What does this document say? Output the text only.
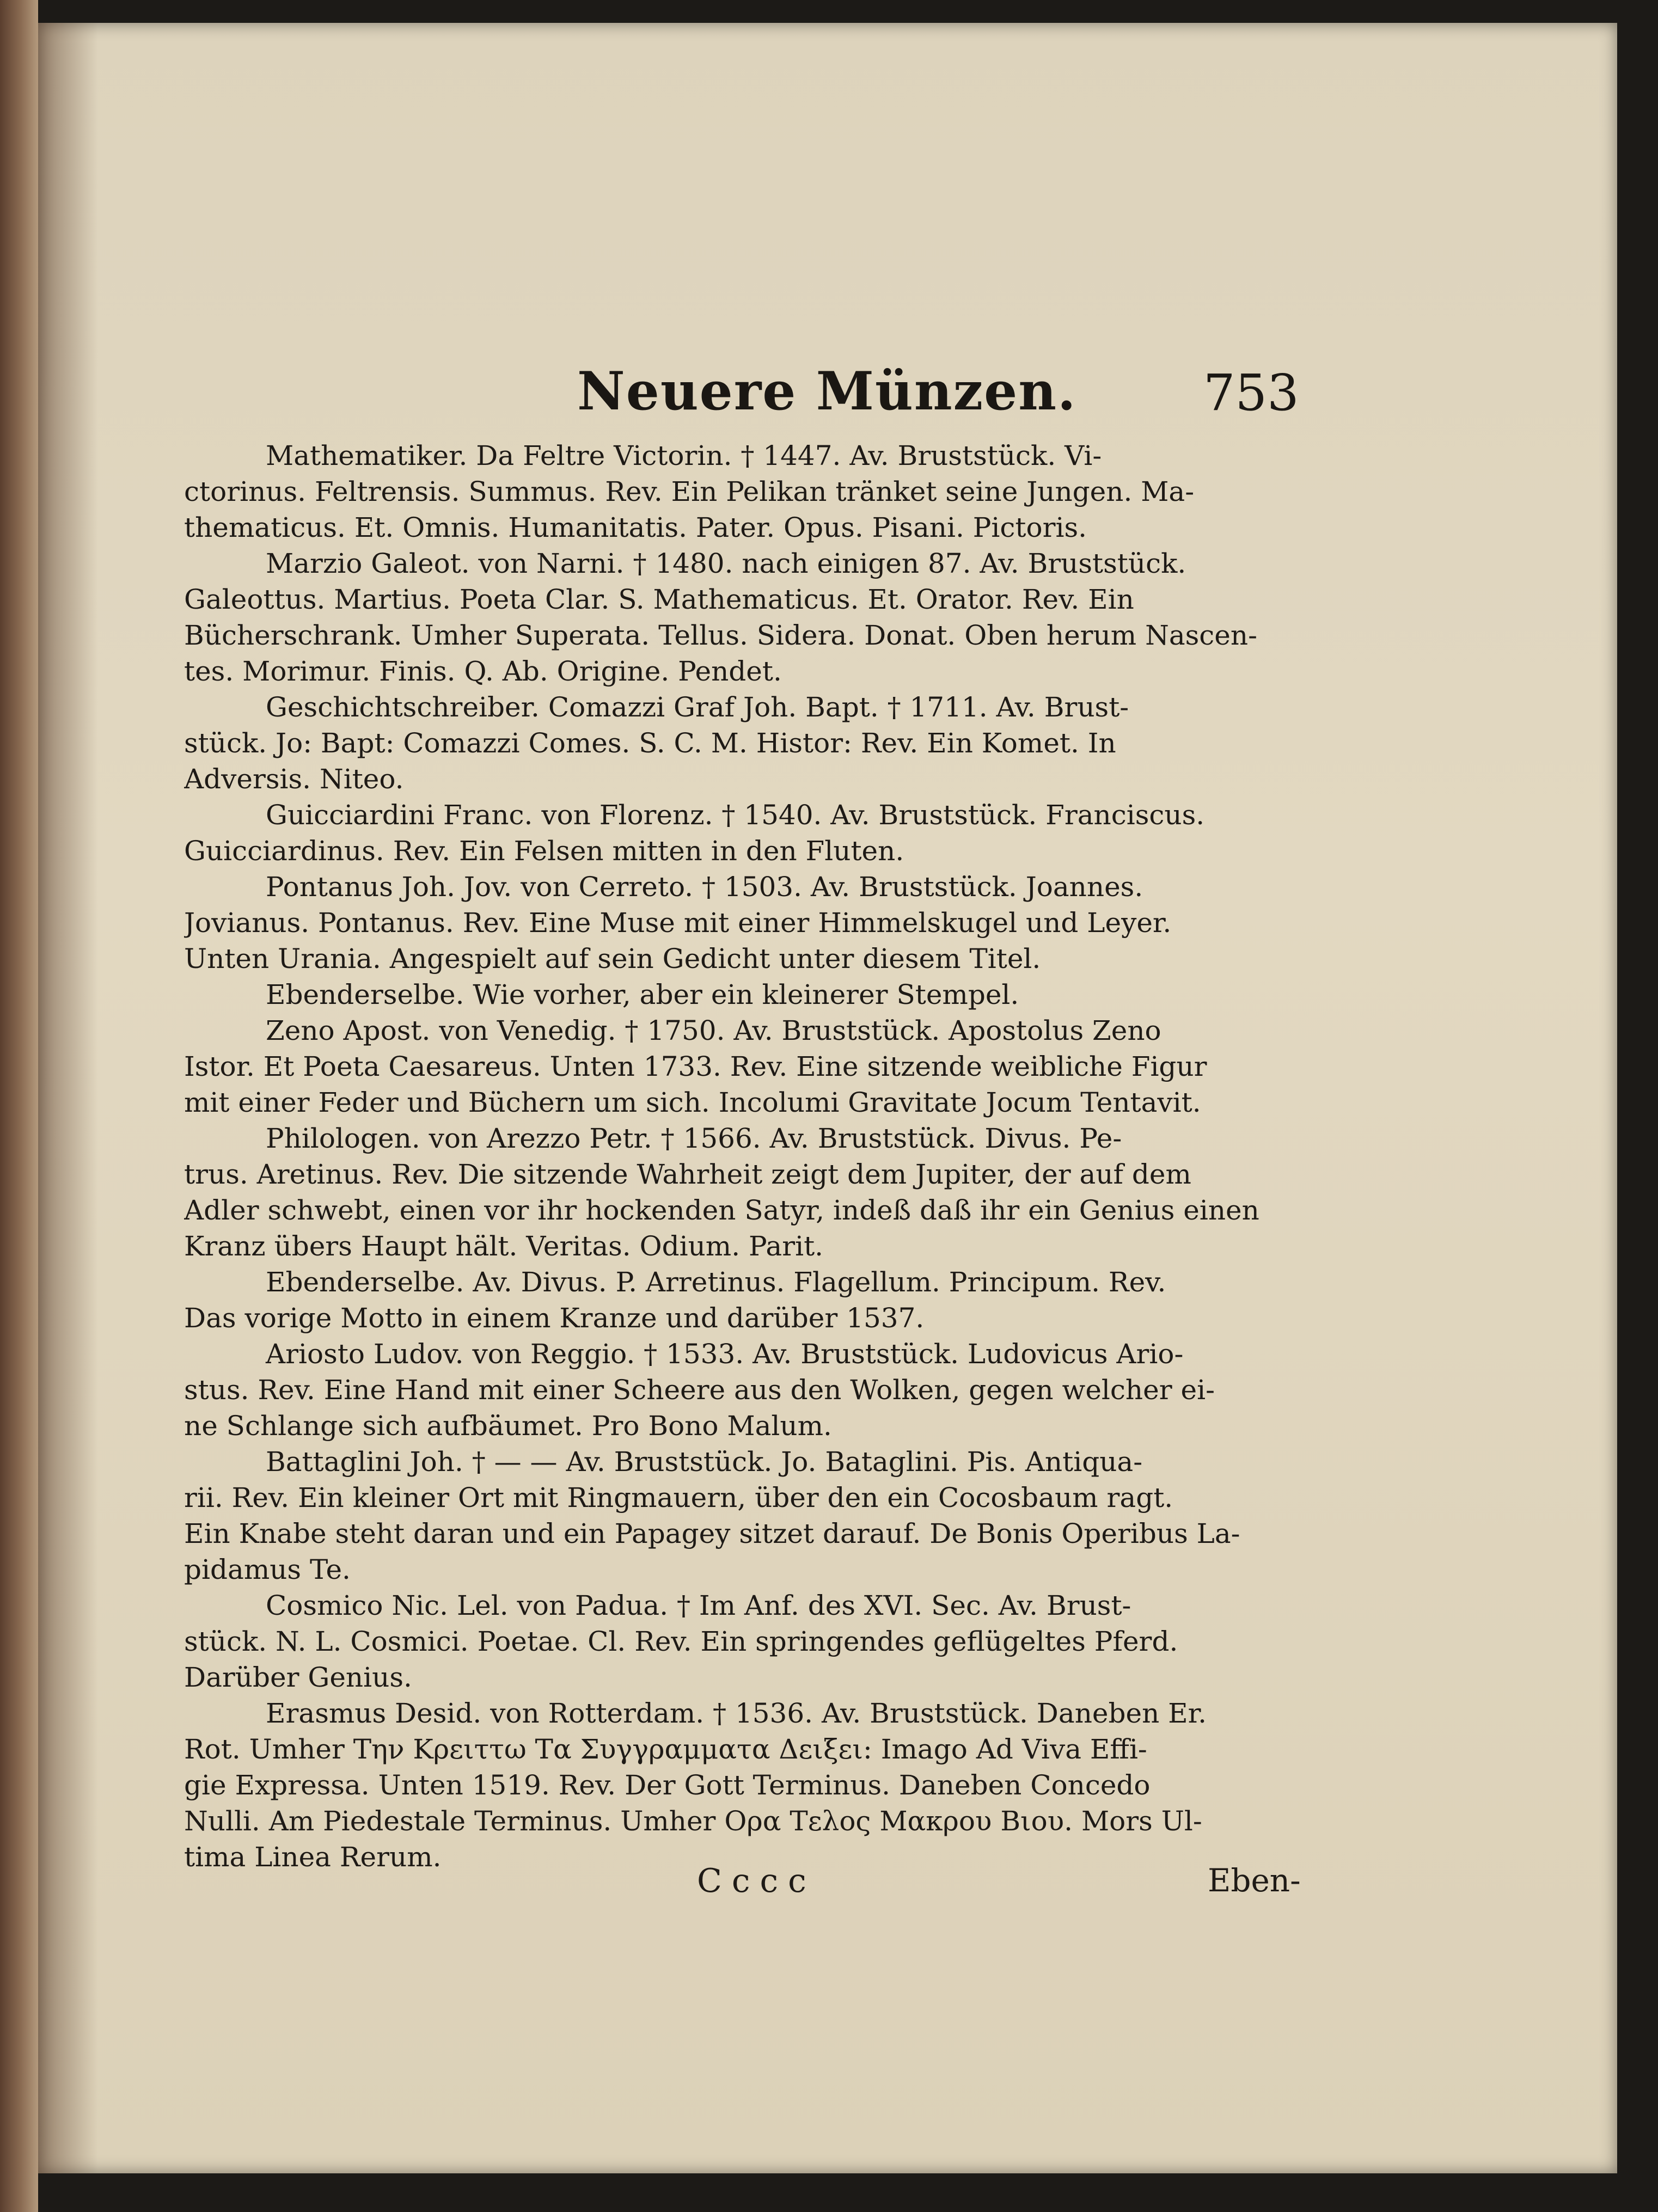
Neuere Münzen.	753
Mathematiker. Da Feltre Victorin. † 1447. Av. Bruststück. Vi-
ctorinus. Feltrensis. Summus. Rev. Ein Pelikan tränket seine Jungen. Ma-
thematicus. Et. Omnis. Humanitatis. Pater. Opus. Pisani. Pictoris.
Marzio Galeot. von Narni. † 1480. nach einigen 87. Av. Bruststück.
Galeottus. Martius. Poeta Clar. S. Mathematicus. Et. Orator. Rev. Ein
Bücherschrank. Umher Superata. Tellus. Sidera. Donat. Oben herum Nascen-
tes. Morimur. Finis. Q. Ab. Origine. Pendet.
Geschichtschreiber. Comazzi Graf Joh. Bapt. † 1711. Av. Brust-
stück. Jo: Bapt: Comazzi Comes. S. C. M. Histor: Rev. Ein Komet. In
Adversis. Niteo.
Guicciardini Franc. von Florenz. † 1540. Av. Bruststück. Franciscus.
Guicciardinus. Rev. Ein Felsen mitten in den Fluten.
Pontanus Joh. Jov. von Cerreto. † 1503. Av. Bruststück. Joannes.
Jovianus. Pontanus. Rev. Eine Muse mit einer Himmelskugel und Leyer.
Unten Urania. Angespielt auf sein Gedicht unter diesem Titel.
Ebenderselbe. Wie vorher, aber ein kleinerer Stempel.
Zeno Apost. von Venedig. † 1750. Av. Bruststück. Apostolus Zeno
Istor. Et Poeta Caesareus. Unten 1733. Rev. Eine sitzende weibliche Figur
mit einer Feder und Büchern um sich. Incolumi Gravitate Jocum Tentavit.
Philologen. von Arezzo Petr. † 1566. Av. Bruststück. Divus. Pe-
trus. Aretinus. Rev. Die sitzende Wahrheit zeigt dem Jupiter, der auf dem
Adler schwebt, einen vor ihr hockenden Satyr, indeß daß ihr ein Genius einen
Kranz übers Haupt hält. Veritas. Odium. Parit.
Ebenderselbe. Av. Divus. P. Arretinus. Flagellum. Principum. Rev.
Das vorige Motto in einem Kranze und darüber 1537.
Ariosto Ludov. von Reggio. † 1533. Av. Bruststück. Ludovicus Ario-
stus. Rev. Eine Hand mit einer Scheere aus den Wolken, gegen welcher ei-
ne Schlange sich aufbäumet. Pro Bono Malum.
Battaglini Joh. † — — Av. Bruststück. Jo. Bataglini. Pis. Antiqua-
rii. Rev. Ein kleiner Ort mit Ringmauern, über den ein Cocosbaum ragt.
Ein Knabe steht daran und ein Papagey sitzet darauf. De Bonis Operibus La-
pidamus Te.
Cosmico Nic. Lel. von Padua. † Im Anf. des XVI. Sec. Av. Brust-
stück. N. L. Cosmici. Poetae. Cl. Rev. Ein springendes geflügeltes Pferd.
Darüber Genius.
Erasmus Desid. von Rotterdam. † 1536. Av. Bruststück. Daneben Er.
Rot. Umher Την Κρειττω Τα Συγγραμματα Δειξει: Imago Ad Viva Effi-
gie Expressa. Unten 1519. Rev. Der Gott Terminus. Daneben Concedo
Nulli. Am Piedestale Terminus. Umher Ορα Τελος Μακρου Βιου. Mors Ul-
tima Linea Rerum.
Cccc	Eben-
